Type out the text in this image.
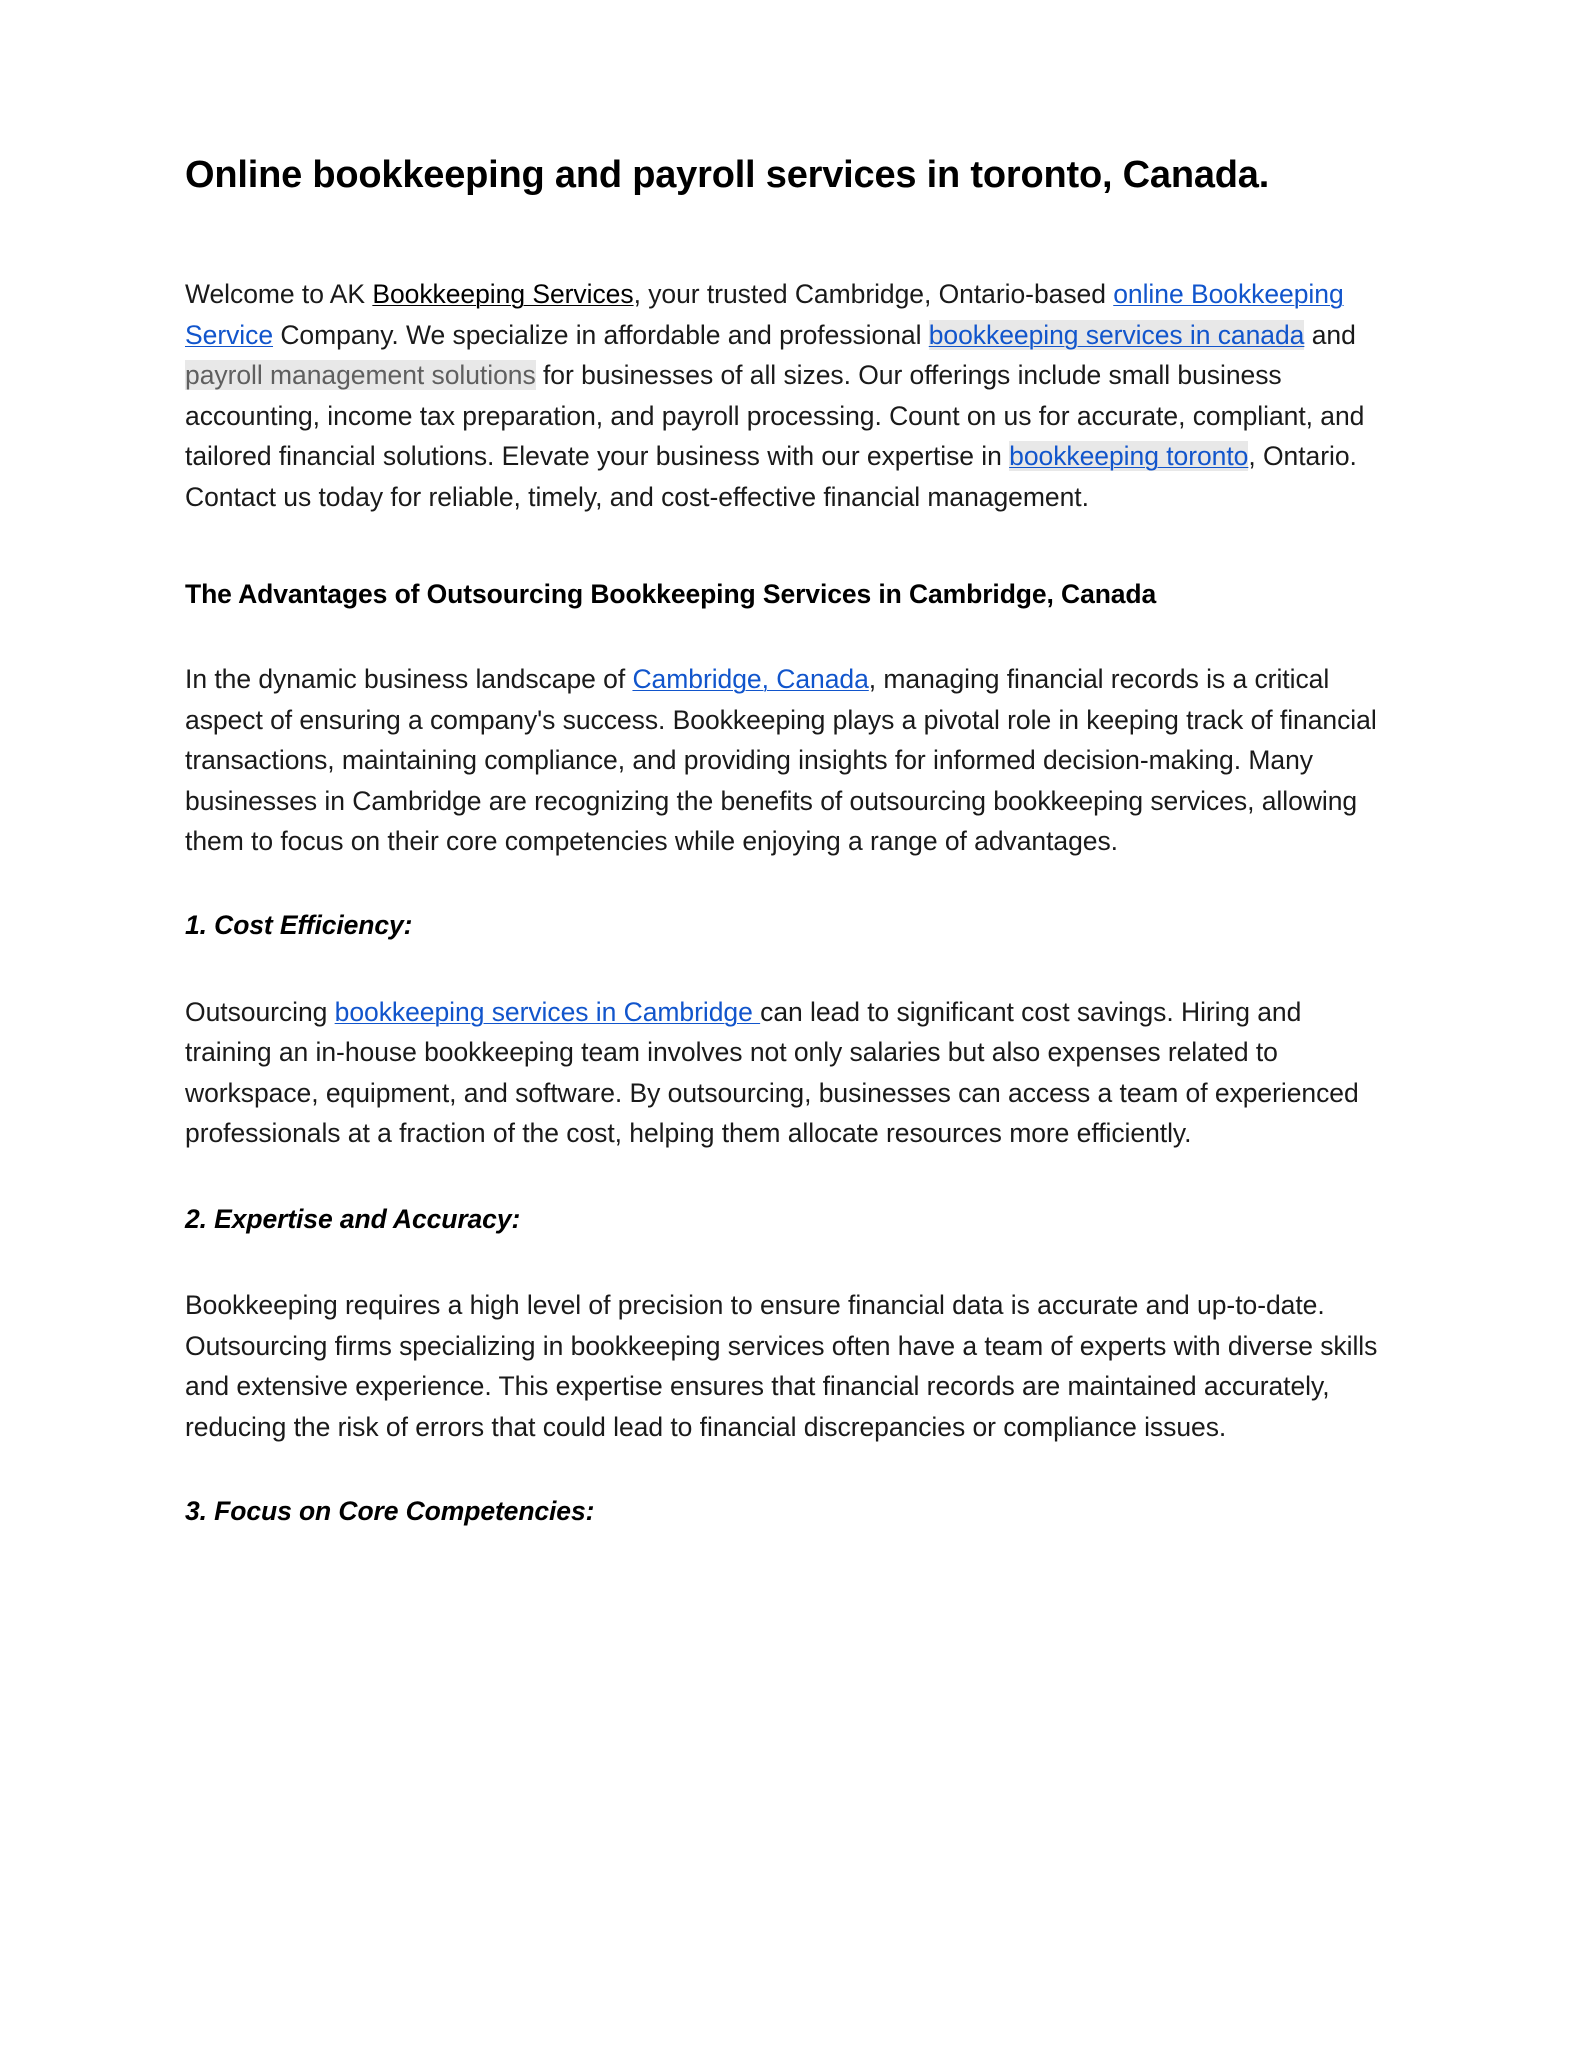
Online bookkeeping and payroll services in toronto, Canada.

Welcome to AK Bookkeeping Services, your trusted Cambridge, Ontario-based online Bookkeeping Service Company. We specialize in affordable and professional bookkeeping services in canada and payroll management solutions for businesses of all sizes. Our offerings include small business accounting, income tax preparation, and payroll processing. Count on us for accurate, compliant, and tailored financial solutions. Elevate your business with our expertise in bookkeeping toronto, Ontario. Contact us today for reliable, timely, and cost-effective financial management.

The Advantages of Outsourcing Bookkeeping Services in Cambridge, Canada

In the dynamic business landscape of Cambridge, Canada, managing financial records is a critical aspect of ensuring a company's success. Bookkeeping plays a pivotal role in keeping track of financial transactions, maintaining compliance, and providing insights for informed decision-making. Many businesses in Cambridge are recognizing the benefits of outsourcing bookkeeping services, allowing them to focus on their core competencies while enjoying a range of advantages.

1. Cost Efficiency:

Outsourcing bookkeeping services in Cambridge can lead to significant cost savings. Hiring and training an in-house bookkeeping team involves not only salaries but also expenses related to workspace, equipment, and software. By outsourcing, businesses can access a team of experienced professionals at a fraction of the cost, helping them allocate resources more efficiently.

2. Expertise and Accuracy:

Bookkeeping requires a high level of precision to ensure financial data is accurate and up-to-date. Outsourcing firms specializing in bookkeeping services often have a team of experts with diverse skills and extensive experience. This expertise ensures that financial records are maintained accurately, reducing the risk of errors that could lead to financial discrepancies or compliance issues.

3. Focus on Core Competencies:
